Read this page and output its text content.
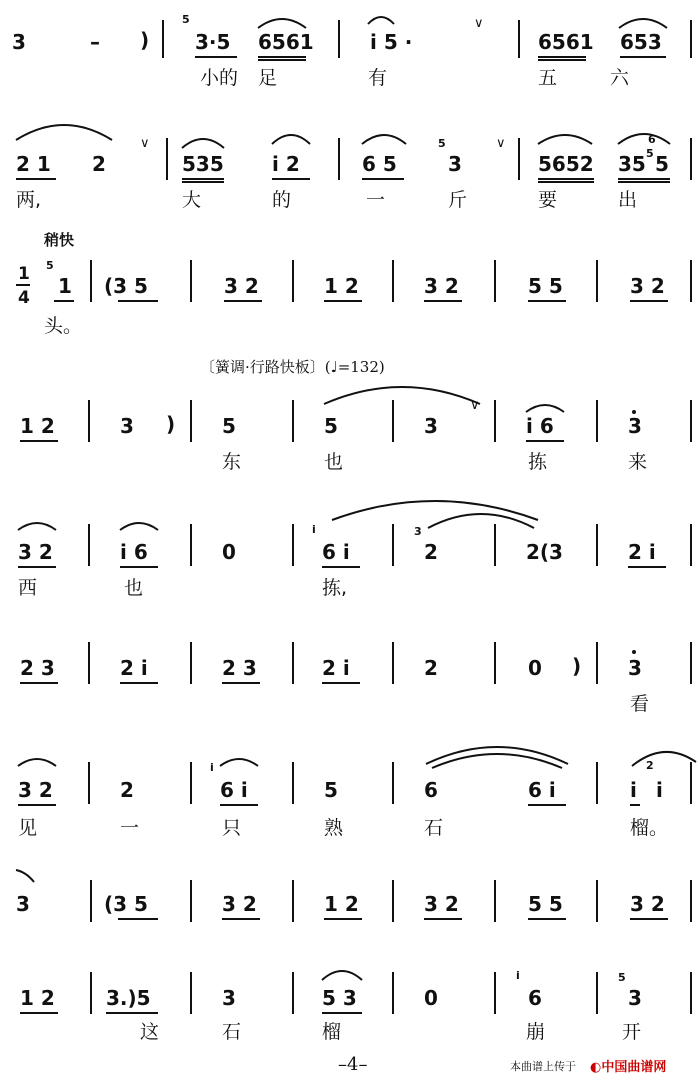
3	– )
5
3·5 6561	i 5 ·
∨
6561 653
小的 足	有	五	六
2 1 2
∨
535 i 2	6 5
5
3
∨
5652 35
6
5 5
两,	大	的	一	斤	要	出
稍快
1
4
5
1 (3 5	3 2	1 2	3 2	5 5	3 2
头。
〔簧调·行路快板〕(♩=132)
1 2	3 ) 5	5	3
∨
i 6	3
东	也	拣	来
3 2	i 6	0
i
6 i
3
2	2(3	2 i
西	也	拣,
2 3	2 i	2 3	2 i	2	0 ) 3
看
3 2	2
i
6 i	5	6	6 i	i
2
i
见	一	只	熟	石	榴。
3	(3 5	3 2	1 2	3 2	5 5	3 2
1 2	3.)5	3	5 3	0
i
6
5
3
这	石	榴	崩	开
–4–	本曲谱上传于 ◐中国曲谱网
